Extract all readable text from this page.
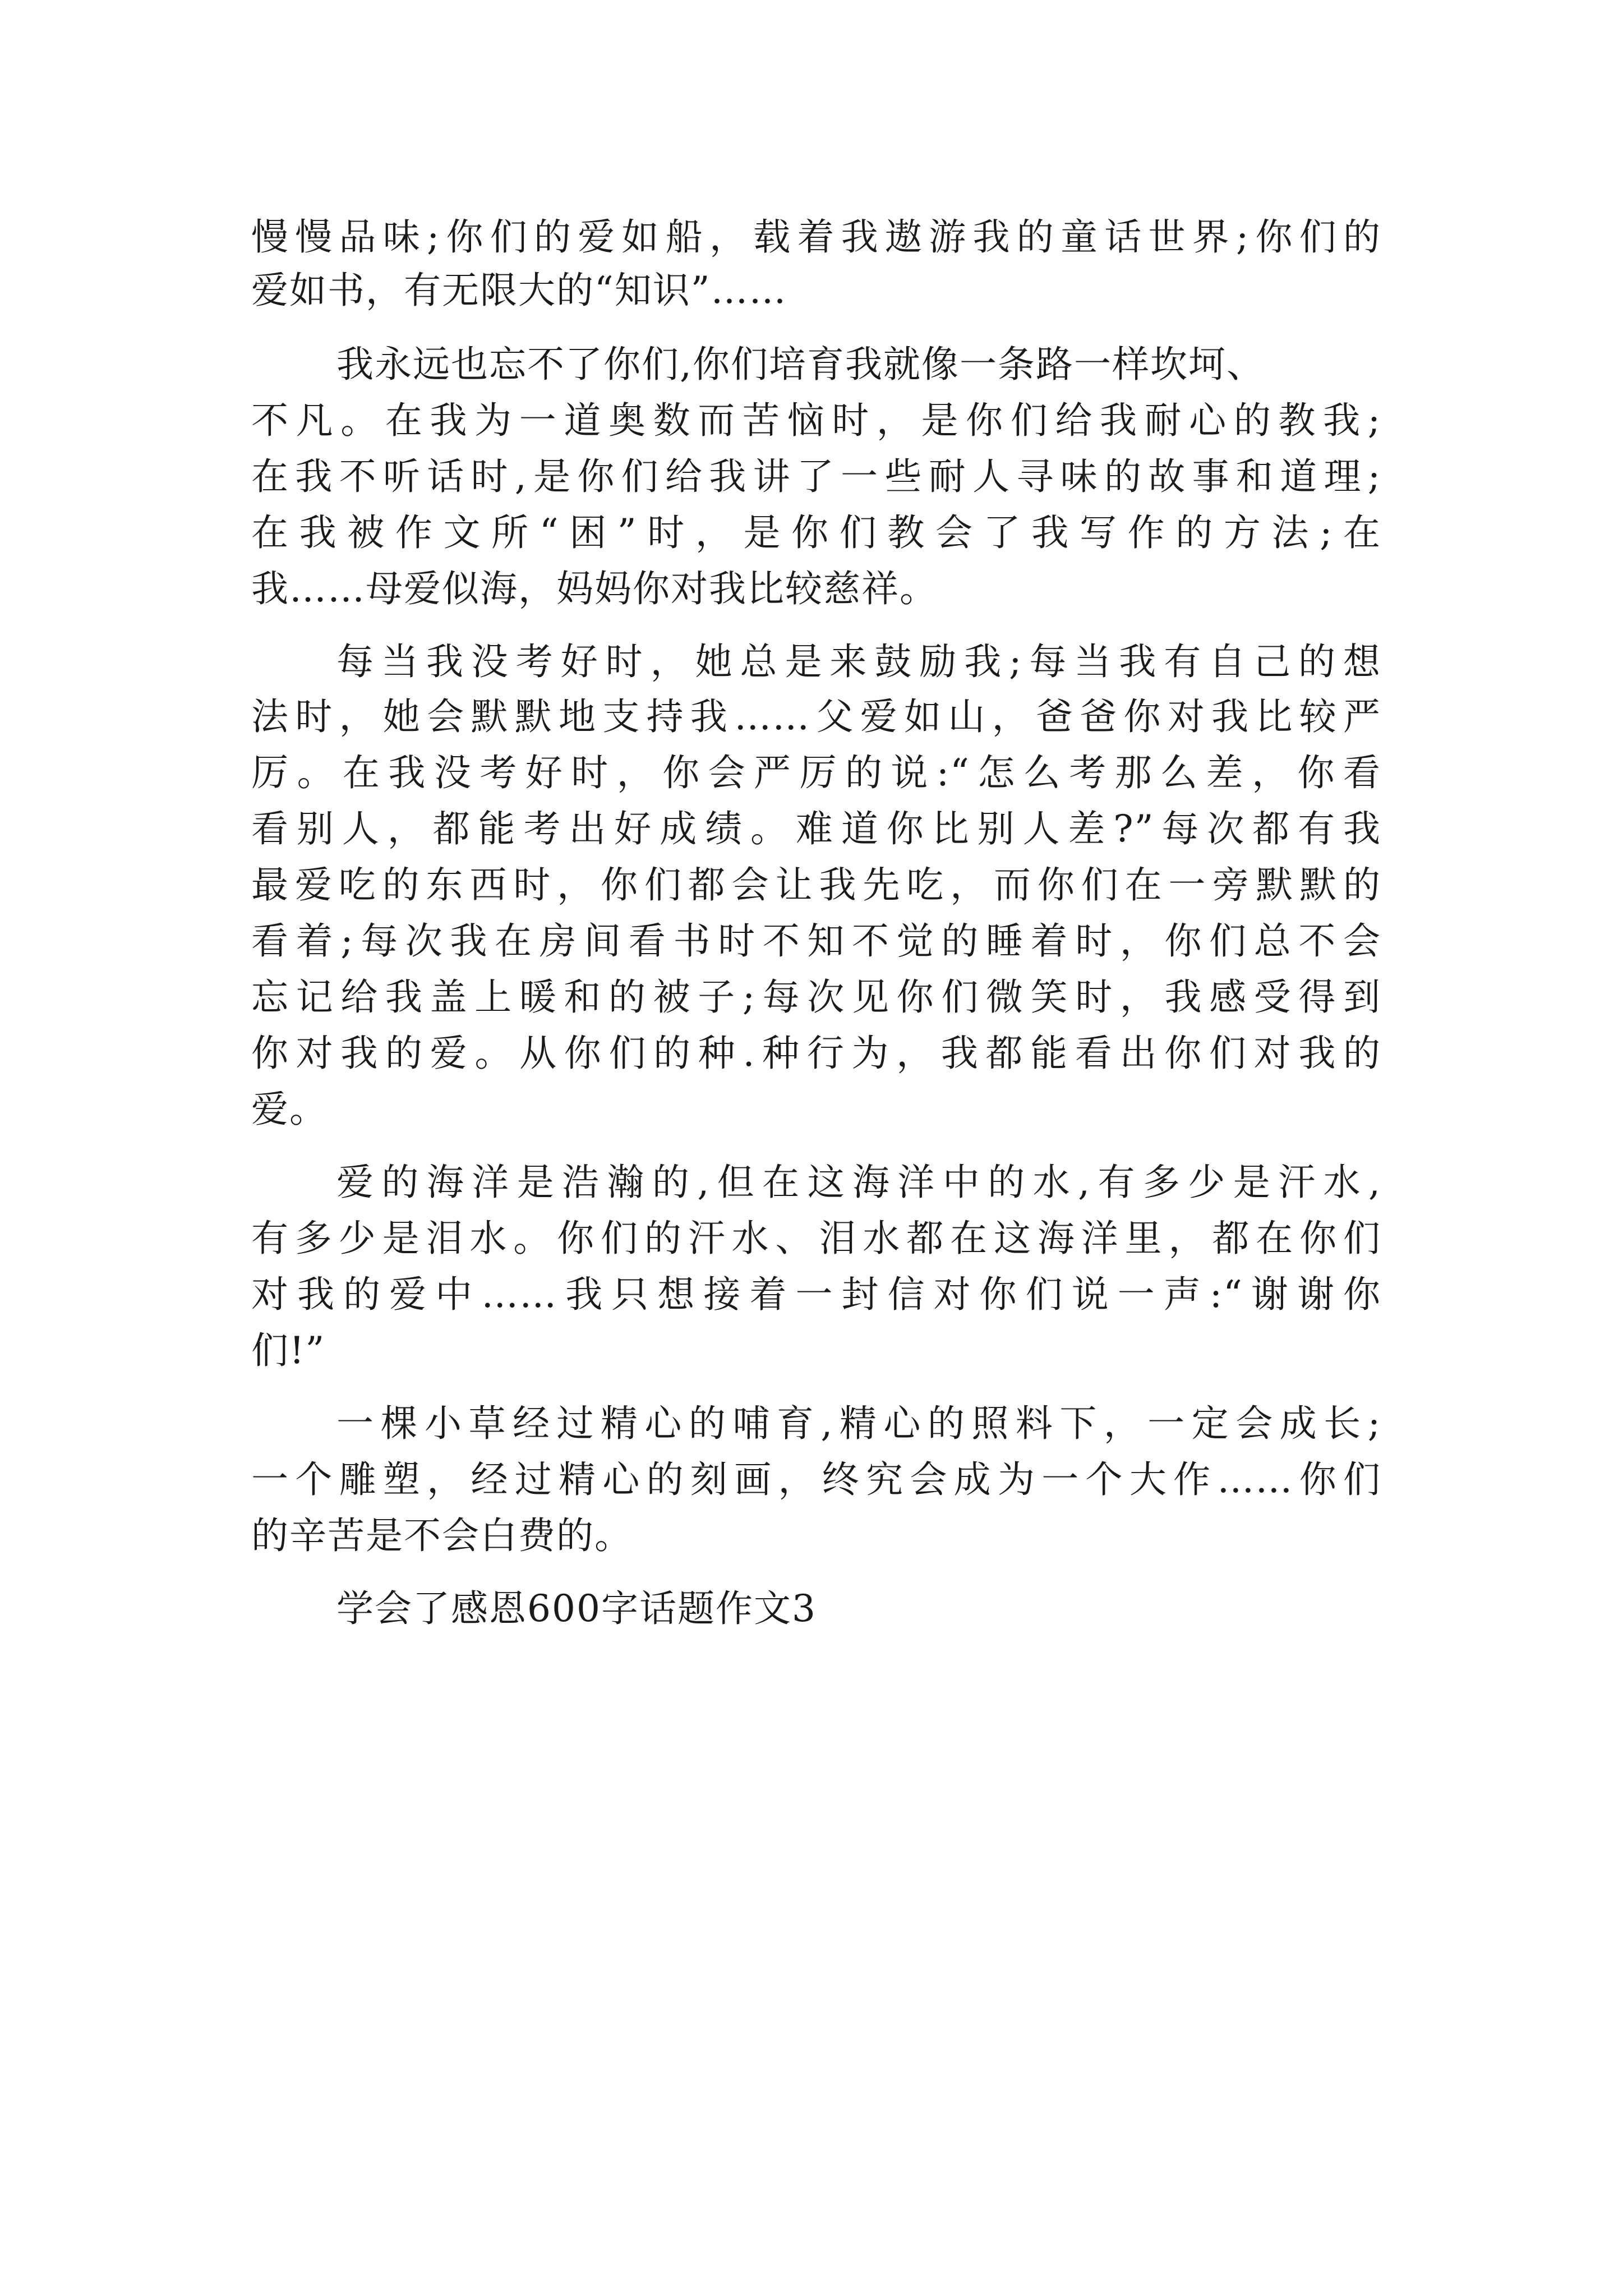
慢慢品味;你们的爱如船，载着我遨游我的童话世界;你们的
爱如书，有无限大的“知识”……
我永远也忘不了你们,你们培育我就像一条路一样坎坷、
不凡。在我为一道奥数而苦恼时，是你们给我耐心的教我;
在我不听话时,是你们给我讲了一些耐人寻味的故事和道理;
在我被作文所“困”时，是你们教会了我写作的方法;在
我……母爱似海，妈妈你对我比较慈祥。
每当我没考好时，她总是来鼓励我;每当我有自己的想
法时，她会默默地支持我……父爱如山，爸爸你对我比较严
厉。在我没考好时，你会严厉的说:“怎么考那么差，你看
看别人，都能考出好成绩。难道你比别人差?”每次都有我
最爱吃的东西时，你们都会让我先吃，而你们在一旁默默的
看着;每次我在房间看书时不知不觉的睡着时，你们总不会
忘记给我盖上暖和的被子;每次见你们微笑时，我感受得到
你对我的爱。从你们的种.种行为，我都能看出你们对我的
爱。
爱的海洋是浩瀚的,但在这海洋中的水,有多少是汗水,
有多少是泪水。你们的汗水、泪水都在这海洋里，都在你们
对我的爱中……我只想接着一封信对你们说一声:“谢谢你
们!”
一棵小草经过精心的哺育,精心的照料下，一定会成长;
一个雕塑，经过精心的刻画，终究会成为一个大作……你们
的辛苦是不会白费的。
学会了感恩600字话题作文3
